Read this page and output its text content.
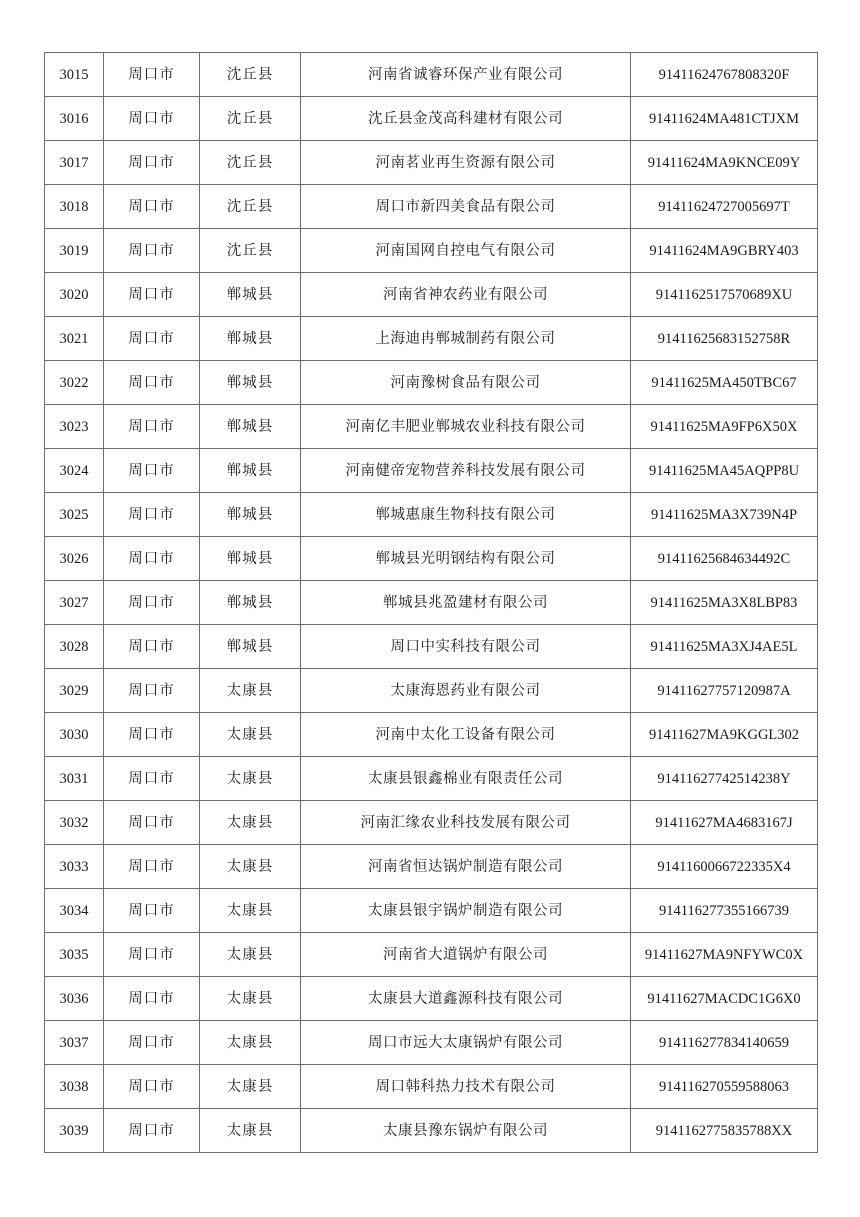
3015	周口市	沈丘县	河南省诚睿环保产业有限公司	91411624767808320F
3016	周口市	沈丘县	沈丘县金茂高科建材有限公司	91411624MA481CTJXM
3017	周口市	沈丘县	河南茗业再生资源有限公司	91411624MA9KNCE09Y
3018	周口市	沈丘县	周口市新四美食品有限公司	91411624727005697T
3019	周口市	沈丘县	河南国网自控电气有限公司	91411624MA9GBRY403
3020	周口市	郸城县	河南省神农药业有限公司	9141162517570689XU
3021	周口市	郸城县	上海迪冉郸城制药有限公司	91411625683152758R
3022	周口市	郸城县	河南豫树食品有限公司	91411625MA450TBC67
3023	周口市	郸城县	河南亿丰肥业郸城农业科技有限公司	91411625MA9FP6X50X
3024	周口市	郸城县	河南健帝宠物营养科技发展有限公司	91411625MA45AQPP8U
3025	周口市	郸城县	郸城惠康生物科技有限公司	91411625MA3X739N4P
3026	周口市	郸城县	郸城县光明钢结构有限公司	91411625684634492C
3027	周口市	郸城县	郸城县兆盈建材有限公司	91411625MA3X8LBP83
3028	周口市	郸城县	周口中实科技有限公司	91411625MA3XJ4AE5L
3029	周口市	太康县	太康海恩药业有限公司	91411627757120987A
3030	周口市	太康县	河南中太化工设备有限公司	91411627MA9KGGL302
3031	周口市	太康县	太康县银鑫棉业有限责任公司	91411627742514238Y
3032	周口市	太康县	河南汇缘农业科技发展有限公司	91411627MA4683167J
3033	周口市	太康县	河南省恒达锅炉制造有限公司	9141160066722335X4
3034	周口市	太康县	太康县银宇锅炉制造有限公司	914116277355166739
3035	周口市	太康县	河南省大道锅炉有限公司	91411627MA9NFYWC0X
3036	周口市	太康县	太康县大道鑫源科技有限公司	91411627MACDC1G6X0
3037	周口市	太康县	周口市远大太康锅炉有限公司	914116277834140659
3038	周口市	太康县	周口韩科热力技术有限公司	914116270559588063
3039	周口市	太康县	太康县豫东锅炉有限公司	9141162775835788XX
